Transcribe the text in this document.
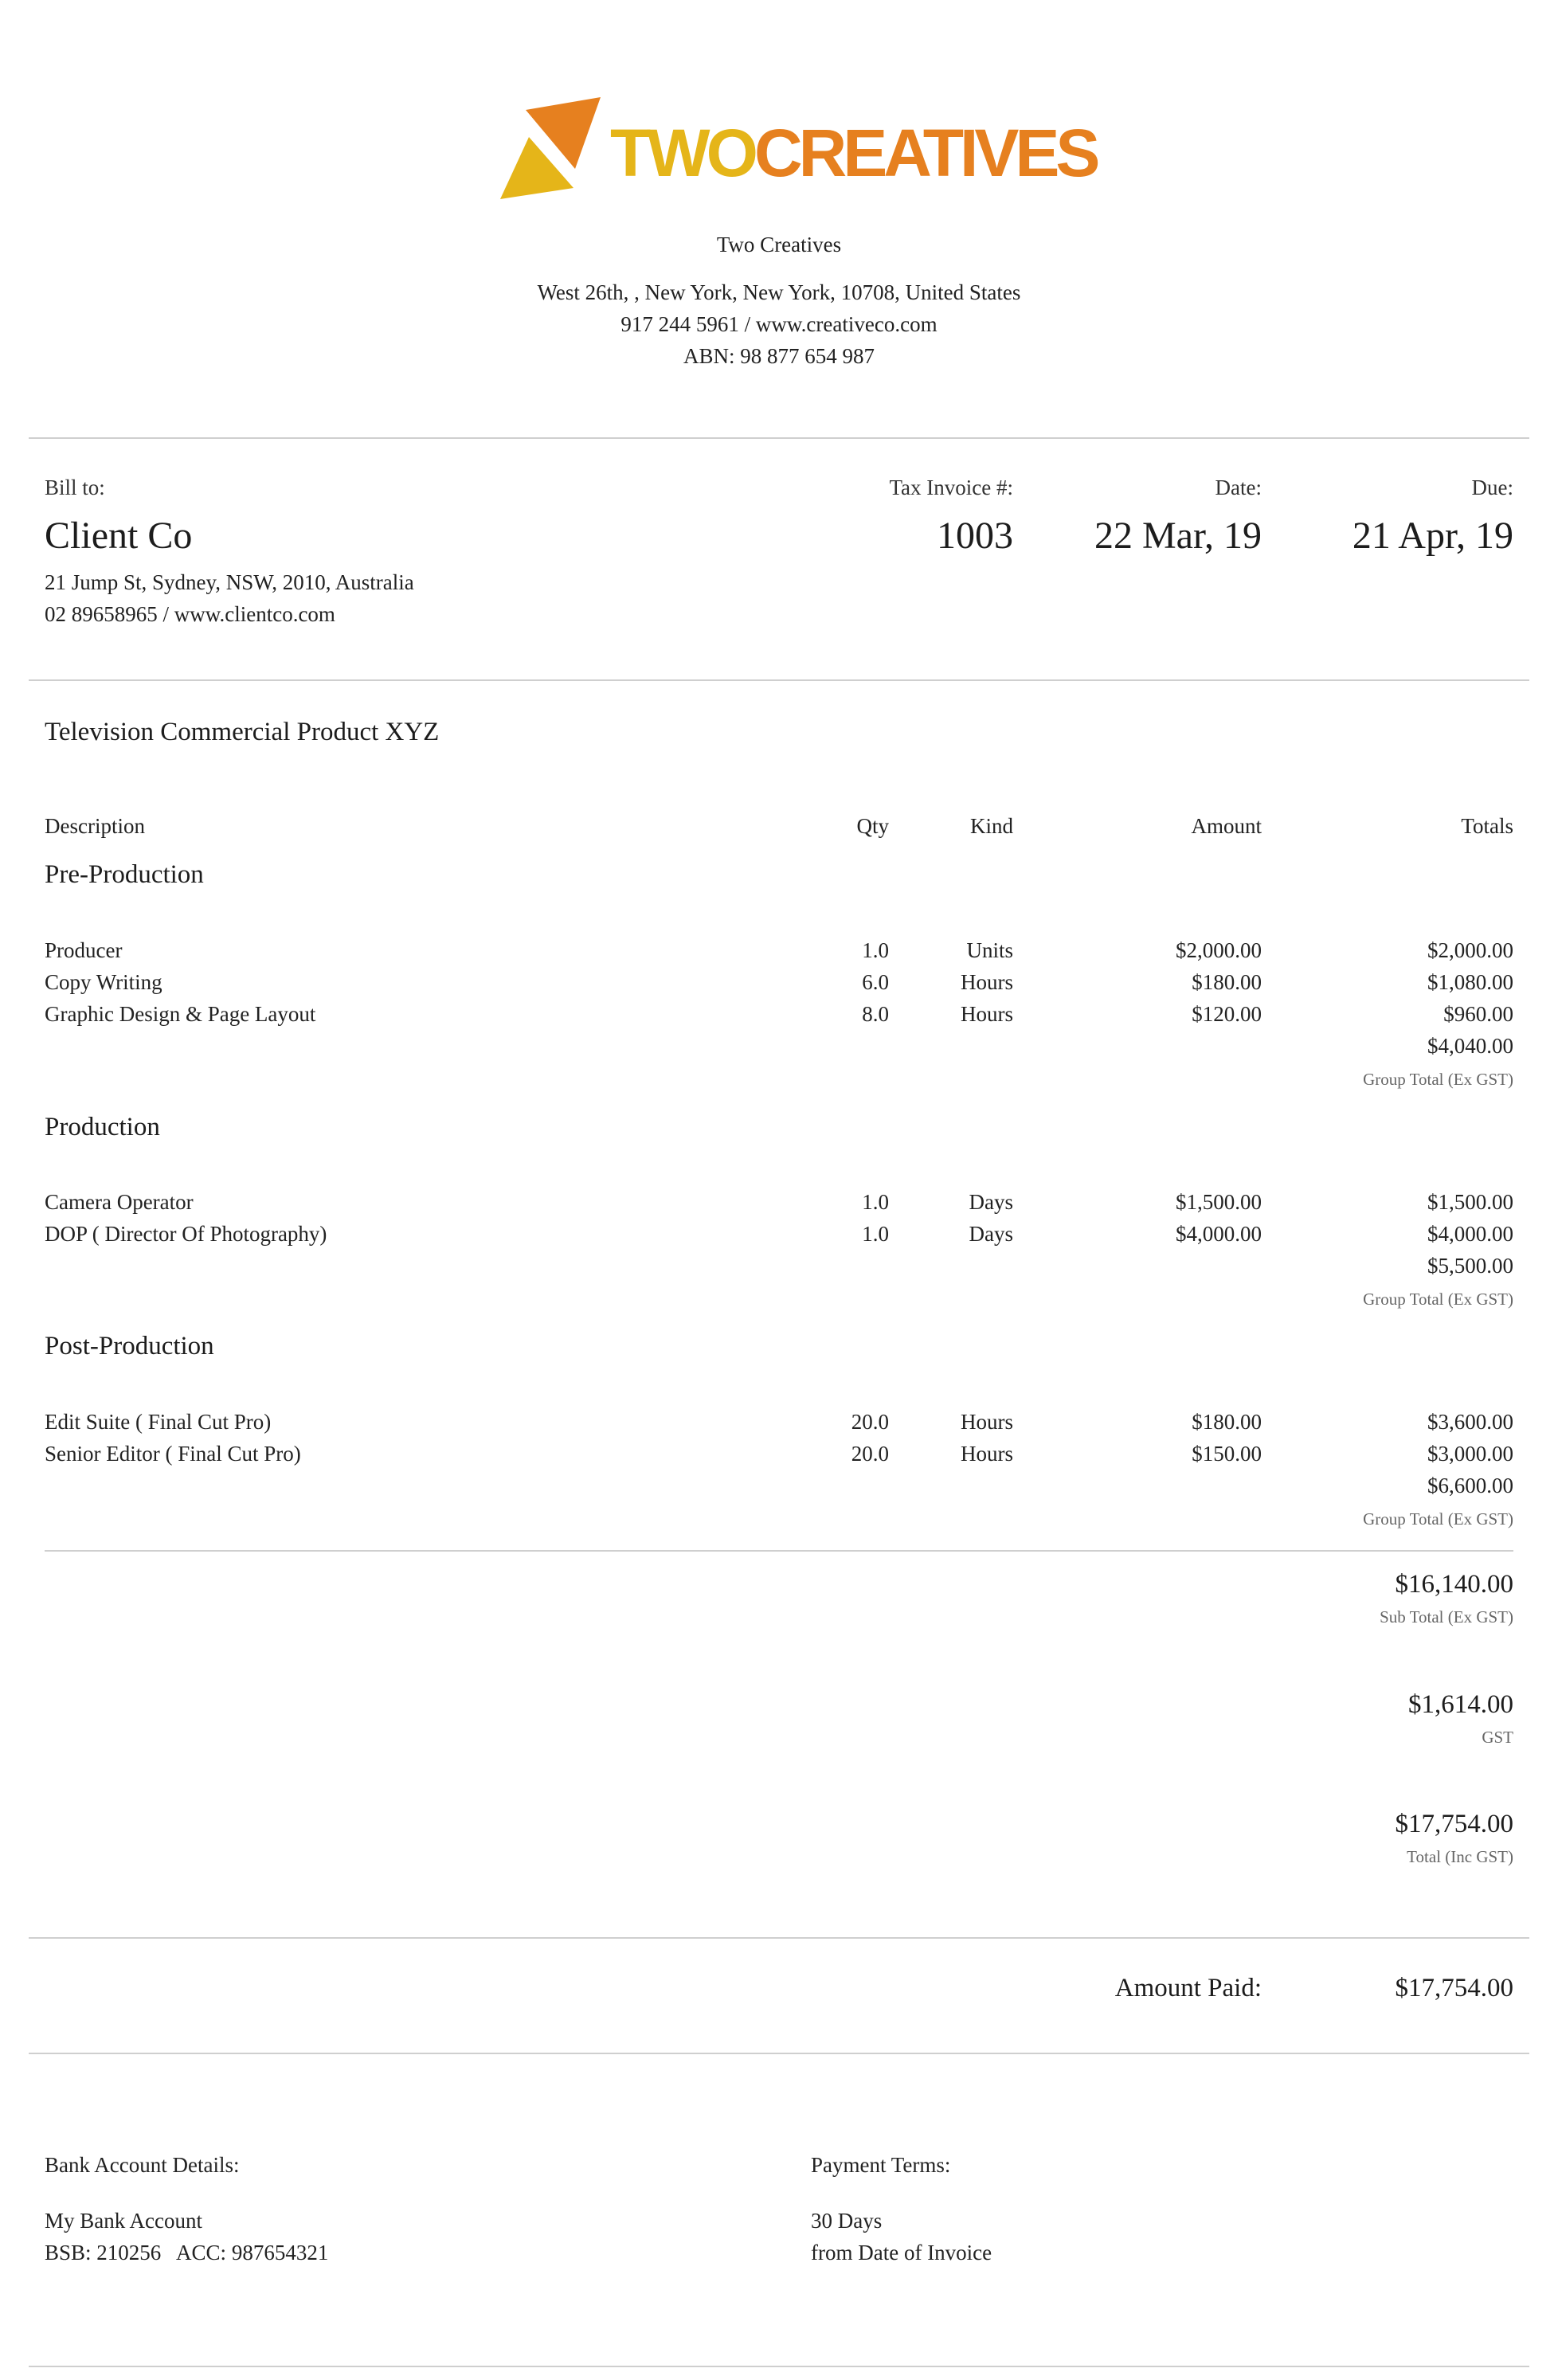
TWOCREATIVES
Two Creatives
West 26th, , New York, New York, 10708, United States
917 244 5961 / www.creativeco.com
ABN: 98 877 654 987
Bill to:
Client Co
21 Jump St, Sydney, NSW, 2010, Australia
02 89658965 / www.clientco.com
Tax Invoice #:
1003
Date:
22 Mar, 19
Due:
21 Apr, 19
Television Commercial Product XYZ
Description	Qty	Kind	Amount	Totals
Pre-Production
Producer	1.0	Units	$2,000.00	$2,000.00
Copy Writing	6.0	Hours	$180.00	$1,080.00
Graphic Design & Page Layout	8.0	Hours	$120.00	$960.00
$4,040.00
Group Total (Ex GST)
Production
Camera Operator	1.0	Days	$1,500.00	$1,500.00
DOP ( Director Of Photography)	1.0	Days	$4,000.00	$4,000.00
$5,500.00
Group Total (Ex GST)
Post-Production
Edit Suite ( Final Cut Pro)	20.0	Hours	$180.00	$3,600.00
Senior Editor ( Final Cut Pro)	20.0	Hours	$150.00	$3,000.00
$6,600.00
Group Total (Ex GST)
$16,140.00
Sub Total (Ex GST)
$1,614.00
GST
$17,754.00
Total (Inc GST)
Amount Paid:	$17,754.00
Bank Account Details:
My Bank Account
BSB: 210256   ACC: 987654321
Payment Terms:
30 Days
from Date of Invoice
